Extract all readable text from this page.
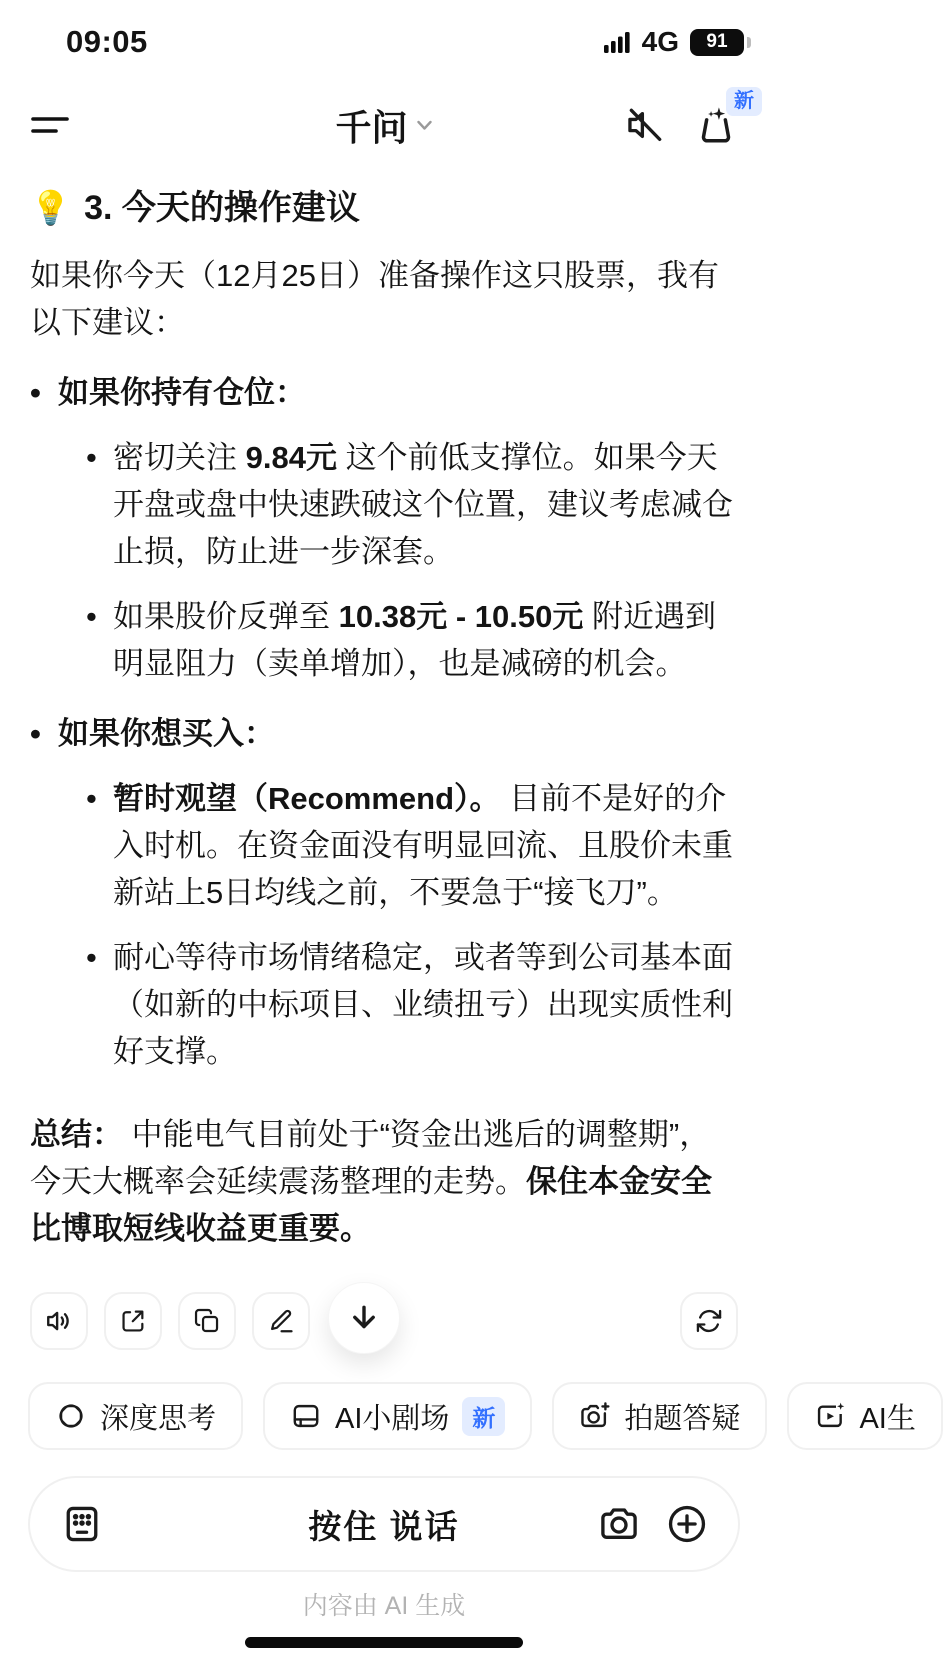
09:05	4G 91
千问
新
💡 3. 今天的操作建议
如果你今天（12月25日）准备操作这只股票，我有以下建议：
• 如果你持有仓位：
• 密切关注 9.84元 这个前低支撑位。如果今天开盘或盘中快速跌破这个位置，建议考虑减仓止损，防止进一步深套。
• 如果股价反弹至 10.38元 - 10.50元 附近遇到明显阻力（卖单增加），也是减磅的机会。
• 如果你想买入：
• 暂时观望（Recommend）。 目前不是好的介入时机。在资金面没有明显回流、且股价未重新站上5日均线之前，不要急于“接飞刀”。
• 耐心等待市场情绪稳定，或者等到公司基本面（如新的中标项目、业绩扭亏）出现实质性利好支撑。
总结： 中能电气目前处于“资金出逃后的调整期”，今天大概率会延续震荡整理的走势。保住本金安全比博取短线收益更重要。
深度思考	AI小剧场	新	拍题答疑	AI生
按住 说话
内容由 AI 生成
